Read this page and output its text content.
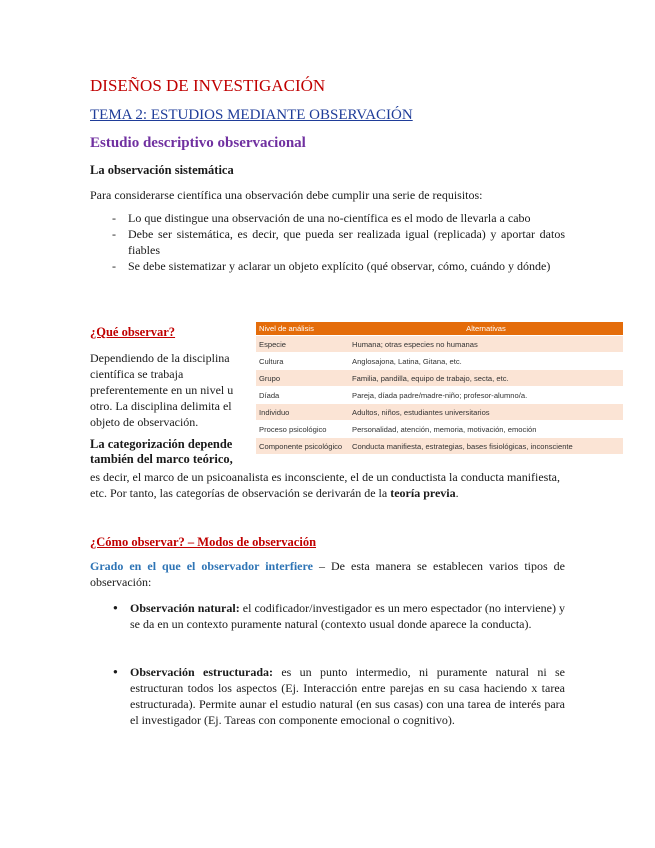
DISEÑOS DE INVESTIGACIÓN
TEMA 2: ESTUDIOS MEDIANTE OBSERVACIÓN
Estudio descriptivo observacional
La observación sistemática
Para considerarse científica una observación debe cumplir una serie de requisitos:
- Lo que distingue una observación de una no-científica es el modo de llevarla a cabo
- Debe ser sistemática, es decir, que pueda ser realizada igual (replicada) y aportar datos fiables
- Se debe sistematizar y aclarar un objeto explícito (qué observar, cómo, cuándo y dónde)
¿Qué observar?
Dependiendo de la disciplina científica se trabaja preferentemente en un nivel u otro. La disciplina delimita el objeto de observación.
La categorización depende también del marco teórico,
es decir, el marco de un psicoanalista es inconsciente, el de un conductista la conducta manifiesta, etc. Por tanto, las categorías de observación se derivarán de la teoría previa.
Nivel de análisis	Alternativas
Especie	Humana; otras especies no humanas
Cultura	Anglosajona, Latina, Gitana, etc.
Grupo	Familia, pandilla, equipo de trabajo, secta, etc.
Díada	Pareja, díada padre/madre-niño; profesor-alumno/a.
Individuo	Adultos, niños, estudiantes universitarios
Proceso psicológico	Personalidad, atención, memoria, motivación, emoción
Componente psicológico	Conducta manifiesta, estrategias, bases fisiológicas, inconsciente
¿Cómo observar? – Modos de observación
Grado en el que el observador interfiere – De esta manera se establecen varios tipos de observación:
● Observación natural: el codificador/investigador es un mero espectador (no interviene) y se da en un contexto puramente natural (contexto usual donde aparece la conducta).
● Observación estructurada: es un punto intermedio, ni puramente natural ni se estructuran todos los aspectos (Ej. Interacción entre parejas en su casa haciendo x tarea estructurada). Permite aunar el estudio natural (en sus casas) con una tarea de interés para el investigador (Ej. Tareas con componente emocional o cognitivo).
